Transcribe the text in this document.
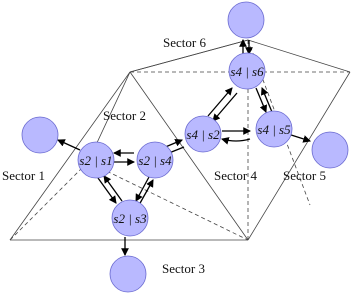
s2 | s1 s2 | s4
s2 | s3
s4 | s2	s4 | s5
s4 | s6
Sector 1
Sector 2
Sector 3
Sector 4 Sector 5
Sector 6
